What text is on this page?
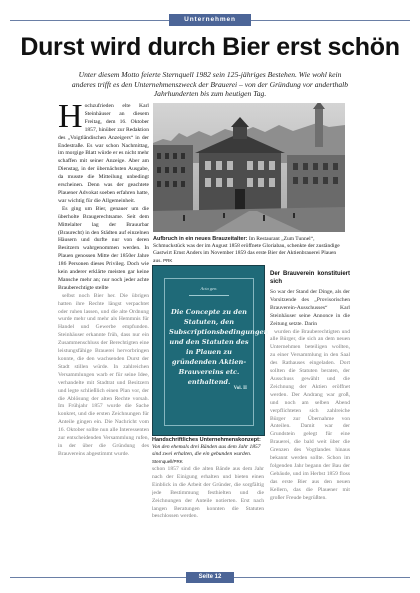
Unternehmen
Durst wird durch Bier erst schön
Unter diesem Motto feierte Sternquell 1982 sein 125-jähriges Bestehen. Wie wohl kein anderes trifft es den Unternehmenszweck der Brauerei – von der Gründung vor anderthalb Jahrhunderten bis zum heutigen Tag.
H ochzufrieden elte Karl Steinhäuser an diesem Freitag, dem 16. Oktober 1857, hinüber zur Redaktion des „Voigtländischen Anzeigers“ in der Endestraße. Es war schon Nachmittag, im morgige Blatt würde er es nicht mehr schaffen mit seiner Anzeige. Aber am Dienstag, in der übernächsten Ausgabe, da musste die Mitteilung unbedingt erscheinen. Denn was der geachtete Plauener Advokat soeben erfahren hatte, war wichtig für die Allgemeinheit.

Es ging um Bier, genauer um die überholte Braugerechtsame. Seit dem Mittelalter lag der Brauurbar (Braurecht) in den Städten auf einzelnen Häusern und durfte nur von deren Besitzern wahrgenommen werden. In Plauen genossen Mitte der 1850er Jahre 186 Personen dieses Privileg. Doch wie kein anderer erklärte meisten gar keine Mansche mehr an; nur noch jeder achte Brauberechtigte stellte

selbst noch Bier her. Die übrigen hatten ihre Rechte längst verpachtet oder ruhen lassen, und die alte Ordnung wurde mehr und mehr als Hemmnis für Handel und Gewerbe empfunden. Steinhäuser erkannte früh, dass nur ein Zusammenschluss der Berechtigten eine leistungsfähige Brauerei hervorbringen konnte, die den wachsenden Durst der Stadt stillen würde. In zahlreichen Versammlungen warb er für seine Idee, verhandelte mit Stadtrat und Besitzern und legte schließlich einen Plan vor, der die Ablösung der alten Rechte vorsah. Im Frühjahr 1857 wurde die Sache konkret, und die ersten Zeichnungen für Anteile gingen ein. Die Nachricht vom 16. Oktober sollte nun alle Interessenten zur entscheidenden Versammlung rufen, in der über die Gründung des Brauvereins abgestimmt wurde.

Aufbruch in ein neues Brauzeitalter: Im Restaurant „Zum Tunnel“, Schmuckstück was der im August 1858 eröffnete Gloriabau, schenkte der zuständige Gastwirt Ernst Anders im November 1859 das erste Bier der Aktienbrauerei Plauen aus. PRK
Acta gen.
Die Concepte zu den Statuten, den Subscriptionsbedingungen und den Statuten des in Plauen zu gründenden Aktien-Brauvereins etc. enthaltend.
Vol. II
Handschriftliches Unternehmenskonzept: Von den ehemals drei Bänden aus dem Jahr 1857 sind zwei erhalten, die ein gebunden wurden. Sternquell/PRK

schon 1857 sind die alten Bände aus dem Jahr nach der Einigung erhalten und bieten einen Einblick in die Arbeit der Gründer, die sorgfältig jede Bestimmung festhielten und die Zeichnungen der Anteile notierten. Erst nach langen Beratungen konnten die Statuten beschlossen werden.

Der Brauverein konstituiert sich

So war der Stand der Dinge, als der Vorsitzende des „Provisorischen Brauverein-Ausschusses“ Karl Steinhäuser seine Annonce in die Zeitung setzte. Darin

wurden die Brauberechtigten und alle Bürger, die sich an dem neuen Unternehmen beteiligen wollten, zu einer Versammlung in den Saal des Rathauses eingeladen. Dort sollten die Statuten beraten, der Ausschuss gewählt und die Zeichnung der Aktien eröffnet werden. Der Andrang war groß, und noch am selben Abend verpflichteten sich zahlreiche Bürger zur Übernahme von Anteilen. Damit war der Grundstein gelegt für eine Brauerei, die bald weit über die Grenzen des Vogtlandes hinaus bekannt werden sollte. Schon im folgenden Jahr begann der Bau der Gebäude, und im Herbst 1859 floss das erste Bier aus den neuen Kellern, das die Plauener mit großer Freude begrüßten.

Seite 12
